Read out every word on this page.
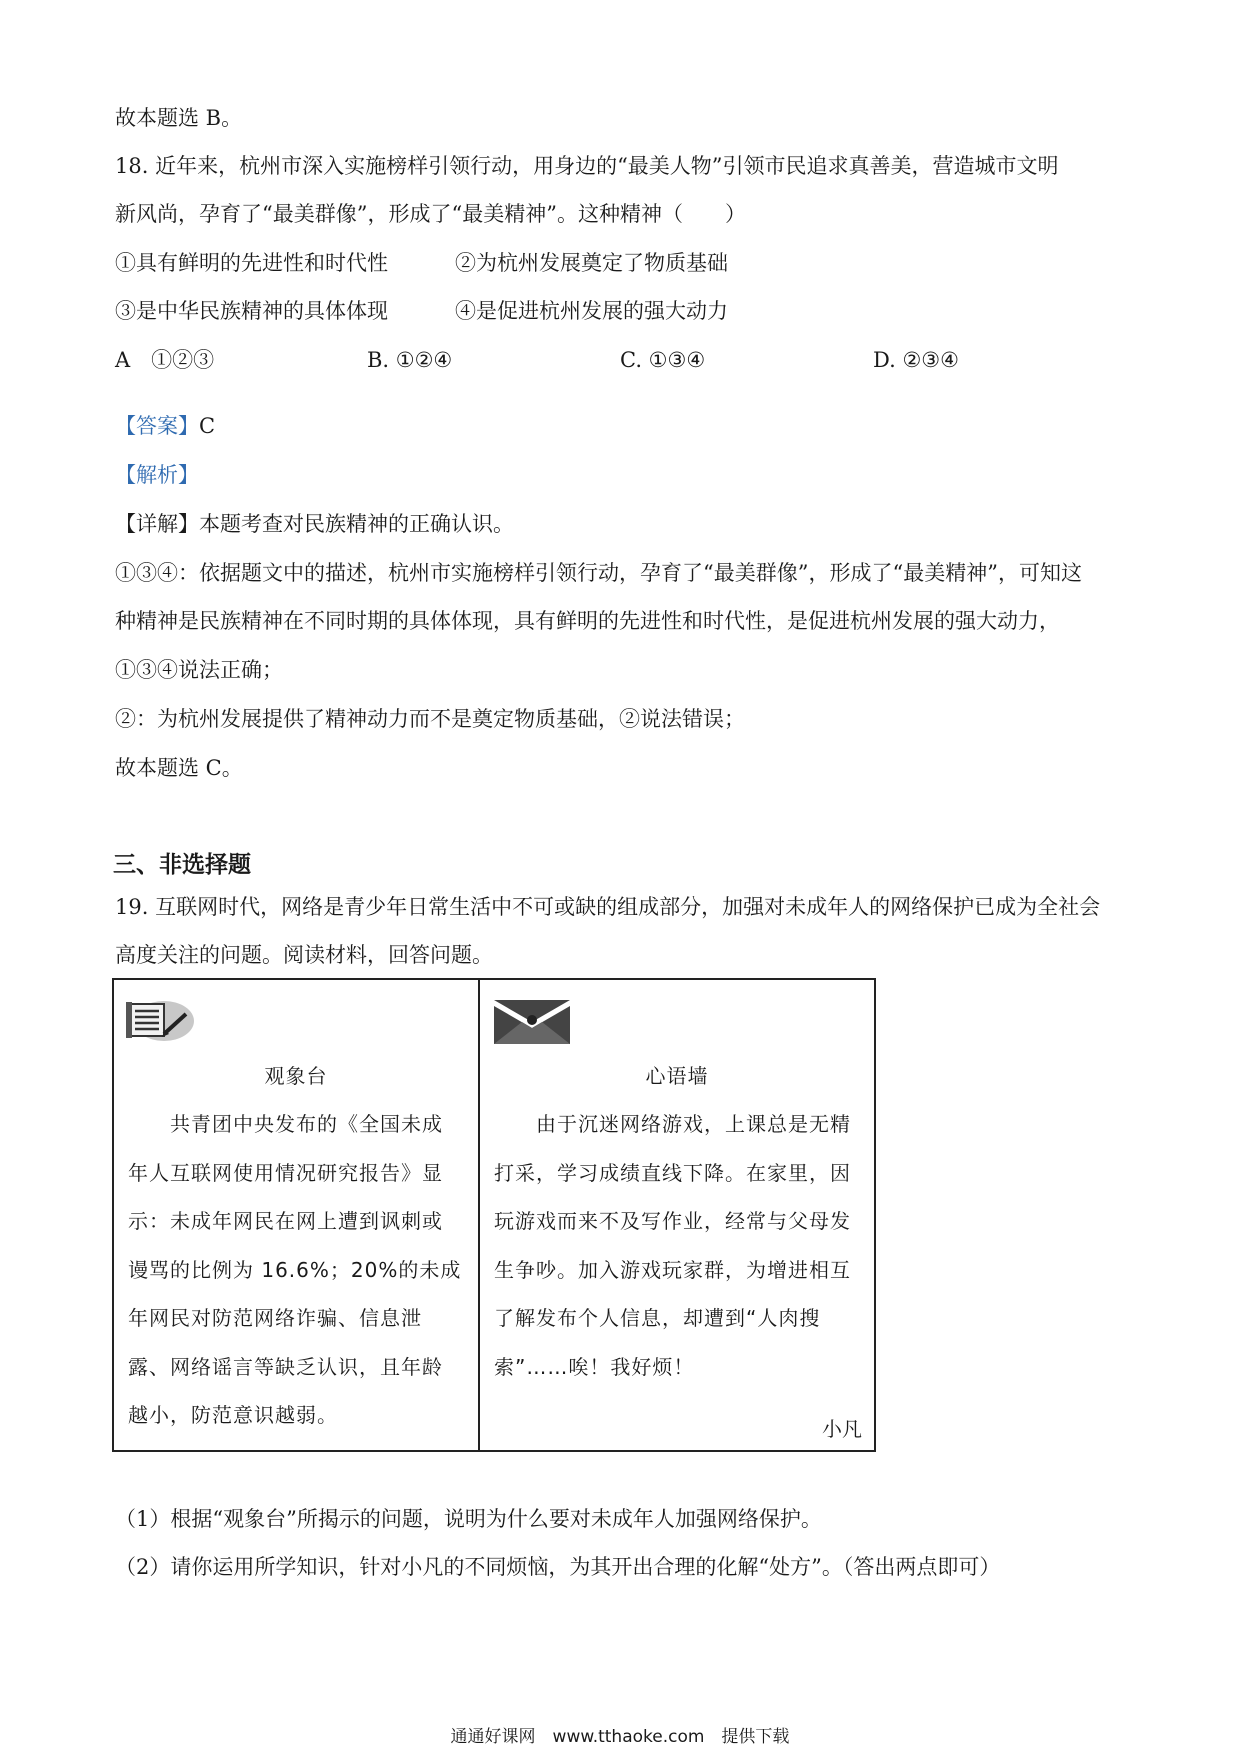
故本题选 B。
18. 近年来，杭州市深入实施榜样引领行动，用身边的“最美人物”引领市民追求真善美，营造城市文明
新风尚，孕育了“最美群像”，形成了“最美精神”。这种精神（　　）
①具有鲜明的先进性和时代性	②为杭州发展奠定了物质基础
③是中华民族精神的具体体现	④是促进杭州发展的强大动力
A　①②③	B. ①②④	C. ①③④	D. ②③④
【答案】C
【解析】
【详解】本题考查对民族精神的正确认识。
①③④：依据题文中的描述，杭州市实施榜样引领行动，孕育了“最美群像”，形成了“最美精神”，可知这
种精神是民族精神在不同时期的具体体现，具有鲜明的先进性和时代性，是促进杭州发展的强大动力，
①③④说法正确；
②：为杭州发展提供了精神动力而不是奠定物质基础，②说法错误；
故本题选 C。
三、非选择题
19. 互联网时代，网络是青少年日常生活中不可或缺的组成部分，加强对未成年人的网络保护已成为全社会
高度关注的问题。阅读材料，回答问题。
观象台
　　共青团中央发布的《全国未成
年人互联网使用情况研究报告》显
示：未成年网民在网上遭到讽刺或
谩骂的比例为 16.6%；20%的未成
年网民对防范网络诈骗、信息泄
露、网络谣言等缺乏认识，且年龄
越小，防范意识越弱。
心语墙
　　由于沉迷网络游戏，上课总是无精
打采，学习成绩直线下降。在家里，因
玩游戏而来不及写作业，经常与父母发
生争吵。加入游戏玩家群，为增进相互
了解发布个人信息，却遭到“人肉搜
索”……唉！我好烦！
小凡
（1）根据“观象台”所揭示的问题，说明为什么要对未成年人加强网络保护。
（2）请你运用所学知识，针对小凡的不同烦恼，为其开出合理的化解“处方”。（答出两点即可）
通通好课网　www.tthaoke.com　提供下载
